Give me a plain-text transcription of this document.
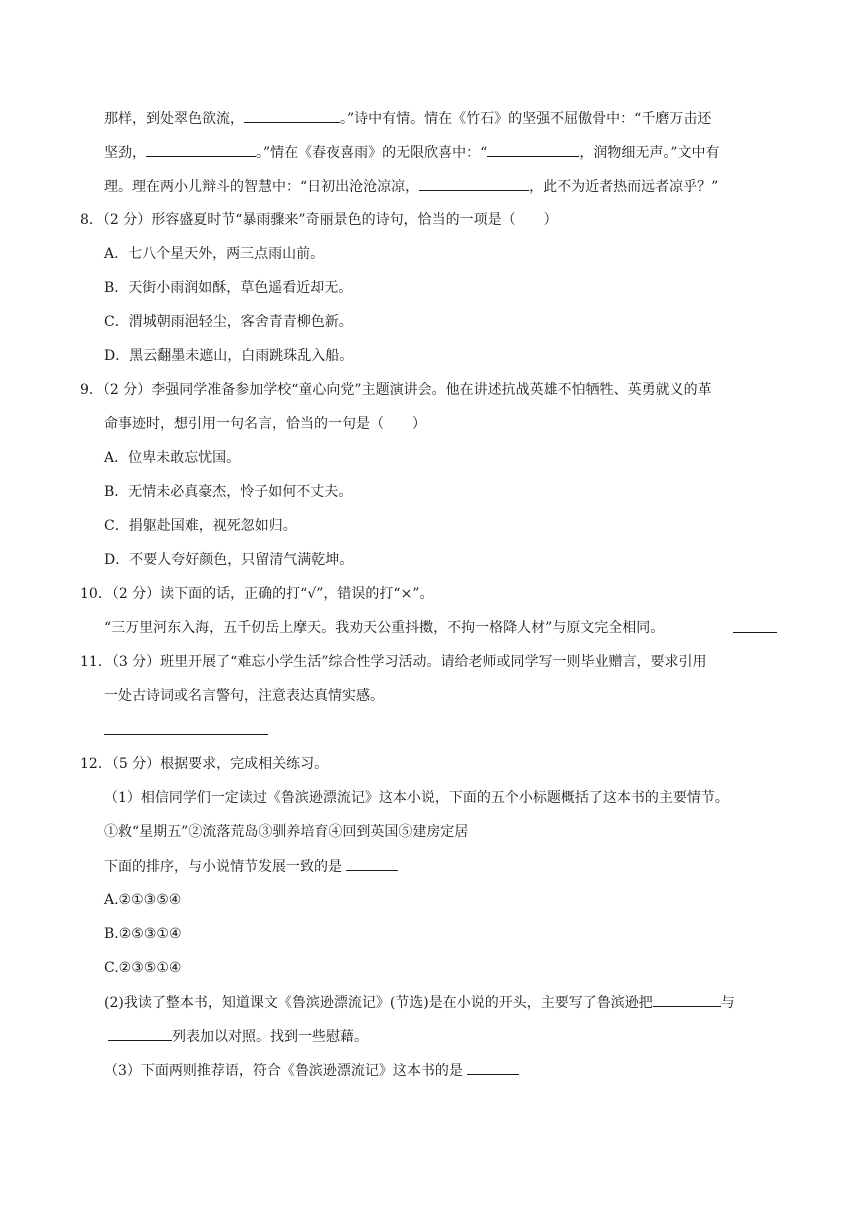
那样，到处翠色欲流，	。”诗中有情。情在《竹石》的坚强不屈傲骨中：“千磨万击还
坚劲，	。”情在《春夜喜雨》的无限欣喜中：“	，润物细无声。”文中有
理。理在两小儿辩斗的智慧中：“日初出沧沧凉凉，	，此不为近者热而远者凉乎？”
8．（2 分）形容盛夏时节“暴雨骤来”奇丽景色的诗句，恰当的一项是（　　）
A．七八个星天外，两三点雨山前。
B．天街小雨润如酥，草色遥看近却无。
C．渭城朝雨浥轻尘，客舍青青柳色新。
D．黑云翻墨未遮山，白雨跳珠乱入船。
9．（2 分）李强同学准备参加学校“童心向党”主题演讲会。他在讲述抗战英雄不怕牺牲、英勇就义的革
命事迹时，想引用一句名言，恰当的一句是（　　）
A．位卑未敢忘忧国。
B．无情未必真豪杰，怜子如何不丈夫。
C．捐躯赴国难，视死忽如归。
D．不要人夸好颜色，只留清气满乾坤。
10．（2 分）读下面的话，正确的打“√”，错误的打“×”。
“三万里河东入海，五千仞岳上摩天。我劝天公重抖擞，不拘一格降人材”与原文完全相同。
11．（3 分）班里开展了“难忘小学生活”综合性学习活动。请给老师或同学写一则毕业赠言，要求引用
一处古诗词或名言警句，注意表达真情实感。
12．（5 分）根据要求，完成相关练习。
（1）相信同学们一定读过《鲁滨逊漂流记》这本小说，下面的五个小标题概括了这本书的主要情节。
①救“星期五”②流落荒岛③驯养培育④回到英国⑤建房定居
下面的排序，与小说情节发展一致的是
A.②①③⑤④
B.②⑤③①④
C.②③⑤①④
(2)我读了整本书，知道课文《鲁滨逊漂流记》(节选)是在小说的开头，主要写了鲁滨逊把	与
列表加以对照。找到一些慰藉。
（3）下面两则推荐语，符合《鲁滨逊漂流记》这本书的是
